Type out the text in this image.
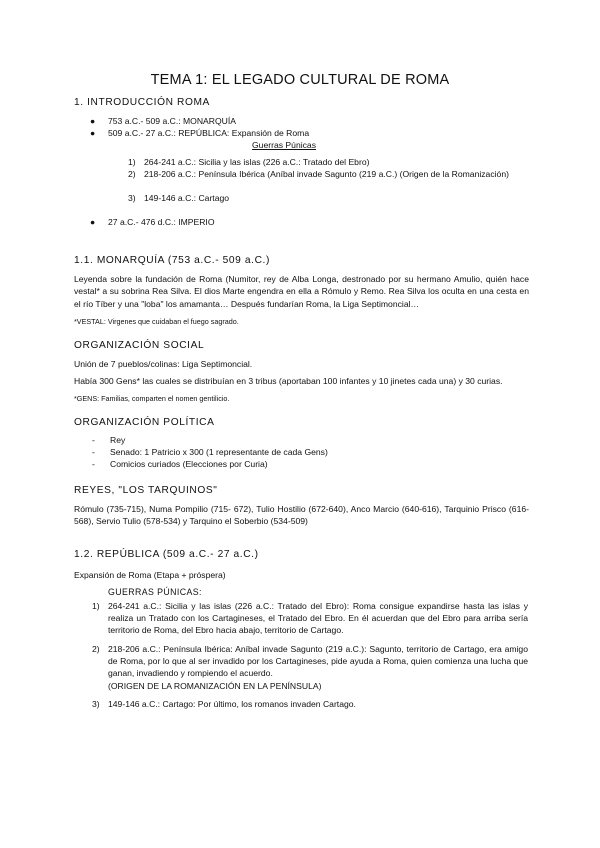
TEMA 1: EL LEGADO CULTURAL DE ROMA
1. INTRODUCCIÓN ROMA
● 753 a.C.- 509 a.C.: MONARQUÍA
● 509 a.C.- 27 a.C.: REPÚBLICA: Expansión de Roma
Guerras Púnicas
1) 264-241 a.C.: Sicilia y las islas (226 a.C.: Tratado del Ebro)
2) 218-206 a.C.: Península Ibérica (Aníbal invade Sagunto (219 a.C.) (Origen de la Romanización)
3) 149-146 a.C.: Cartago
● 27 a.C.- 476 d.C.: IMPERIO
1.1. MONARQUÍA (753 a.C.- 509 a.C.)
Leyenda sobre la fundación de Roma (Numitor, rey de Alba Longa, destronado por su hermano Amulio, quién hace vestal* a su sobrina Rea Silva. El dios Marte engendra en ella a Rómulo y Remo. Rea Silva los oculta en una cesta en el río Tíber y una "loba" los amamanta… Después fundarían Roma, la Liga Septimoncial…
*VESTAL: Virgenes que cuidaban el fuego sagrado.
ORGANIZACIÓN SOCIAL
Unión de 7 pueblos/colinas: Liga Septimoncial.
Había 300 Gens* las cuales se distribuían en 3 tribus (aportaban 100 infantes y 10 jinetes cada una) y 30 curias.
*GENS: Familias, comparten el nomen gentilicio.
ORGANIZACIÓN POLÍTICA
- Rey
- Senado: 1 Patricio x 300 (1 representante de cada Gens)
- Comicios curiados (Elecciones por Curia)
REYES, "LOS TARQUINOS"
Rómulo (735-715), Numa Pompilio (715- 672), Tulio Hostilio (672-640), Anco Marcio (640-616), Tarquinio Prisco (616-568), Servio Tulio (578-534) y Tarquino el Soberbio (534-509)
1.2. REPÚBLICA (509 a.C.- 27 a.C.)
Expansión de Roma (Etapa + próspera)
GUERRAS PÚNICAS:
1) 264-241 a.C.: Sicilia y las islas (226 a.C.: Tratado del Ebro): Roma consigue expandirse hasta las islas y realiza un Tratado con los Cartagineses, el Tratado del Ebro. En él acuerdan que del Ebro para arriba sería territorio de Roma, del Ebro hacia abajo, territorio de Cartago.
2) 218-206 a.C.: Península Ibérica: Aníbal invade Sagunto (219 a.C.): Sagunto, territorio de Cartago, era amigo de Roma, por lo que al ser invadido por los Cartagineses, pide ayuda a Roma, quien comienza una lucha que ganan, invadiendo y rompiendo el acuerdo.
(ORIGEN DE LA ROMANIZACIÓN EN LA PENÍNSULA)
3) 149-146 a.C.: Cartago: Por último, los romanos invaden Cartago.
